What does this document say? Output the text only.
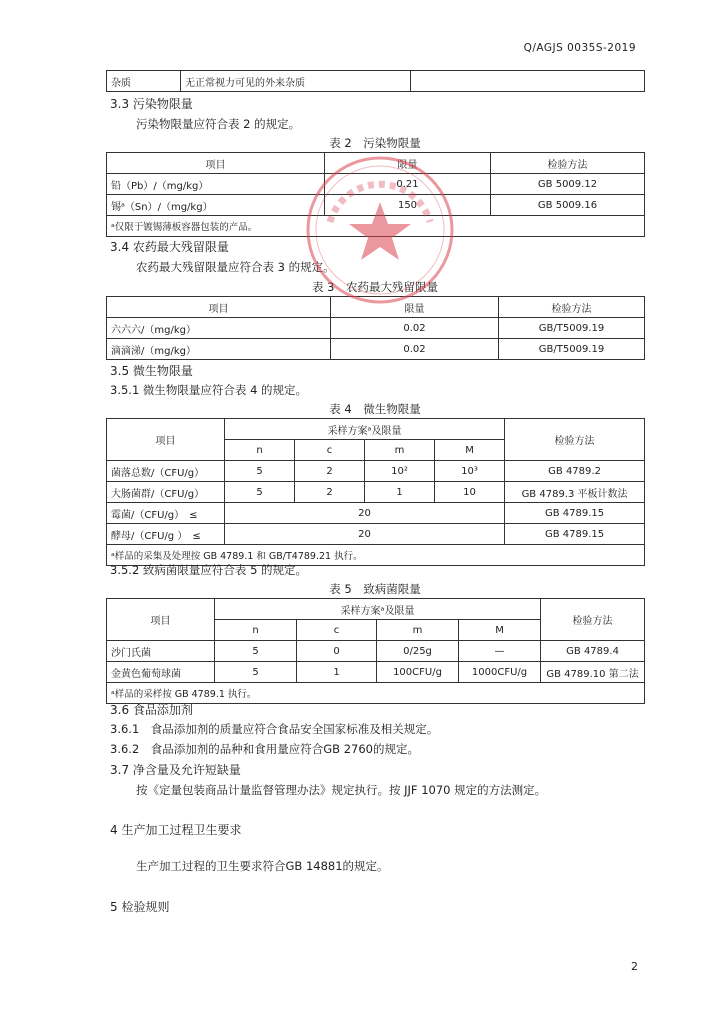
Q/AGJS 0035S-2019
杂质	无正常视力可见的外来杂质	
3.3 污染物限量
污染物限量应符合表 2 的规定。
表 2　污染物限量
项目	限量	检验方法
铅（Pb）/（mg/kg）	0.21	GB 5009.12
锡ᵃ（Sn）/（mg/kg）	150	GB 5009.16
ᵃ仅限于镀锡薄板容器包装的产品。		
3.4 农药最大残留限量
农药最大残留限量应符合表 3 的规定。
表 3　农药最大残留限量
项目	限量	检验方法
六六六/（mg/kg）	0.02	GB/T5009.19
滴滴涕/（mg/kg）	0.02	GB/T5009.19
3.5 微生物限量
3.5.1 微生物限量应符合表 4 的规定。
表 4　微生物限量
项目	采样方案ᵃ及限量				检验方法
	n	c	m	M	
菌落总数/（CFU/g）	5	2	10²	10³	GB 4789.2
大肠菌群/（CFU/g）	5	2	1	10	GB 4789.3 平板计数法
霉菌/（CFU/g）　≤	20				GB 4789.15
酵母/（CFU/g ）　≤	20				GB 4789.15
ᵃ样品的采集及处理按 GB 4789.1 和 GB/T4789.21 执行。					
3.5.2 致病菌限量应符合表 5 的规定。
表 5　致病菌限量
项目	采样方案ᵃ及限量				检验方法
	n	c	m	M	
沙门氏菌	5	0	0/25g	—	GB 4789.4
金黄色葡萄球菌	5	1	100CFU/g	1000CFU/g	GB 4789.10 第二法
ᵃ样品的采样按 GB 4789.1 执行。					
3.6 食品添加剂
3.6.1　食品添加剂的质量应符合食品安全国家标准及相关规定。
3.6.2　食品添加剂的品种和食用量应符合GB 2760的规定。
3.7 净含量及允许短缺量
按《定量包装商品计量监督管理办法》规定执行。按 JJF 1070 规定的方法测定。
4 生产加工过程卫生要求
生产加工过程的卫生要求符合GB 14881的规定。
5 检验规则
2
